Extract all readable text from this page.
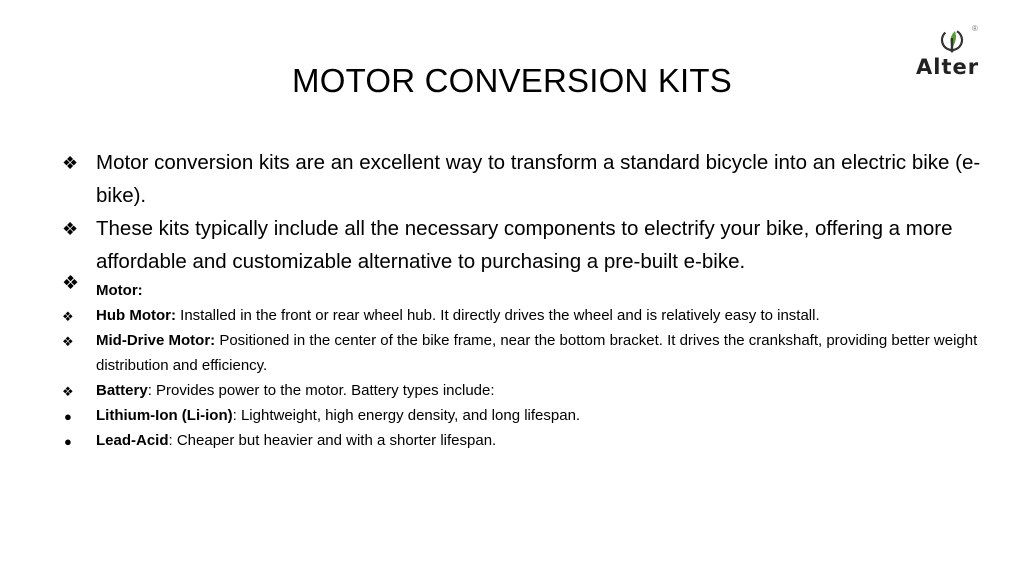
®
Alter
MOTOR CONVERSION KITS
❖ Motor conversion kits are an excellent way to transform a standard bicycle into an electric bike (e-bike).
❖ These kits typically include all the necessary components to electrify your bike, offering a more affordable and customizable alternative to purchasing a pre-built e-bike.
❖ Motor:
❖ Hub Motor: Installed in the front or rear wheel hub. It directly drives the wheel and is relatively easy to install.
❖ Mid-Drive Motor: Positioned in the center of the bike frame, near the bottom bracket. It drives the crankshaft, providing better weight distribution and efficiency.
❖ Battery: Provides power to the motor. Battery types include:
● Lithium-Ion (Li-ion): Lightweight, high energy density, and long lifespan.
● Lead-Acid: Cheaper but heavier and with a shorter lifespan.
